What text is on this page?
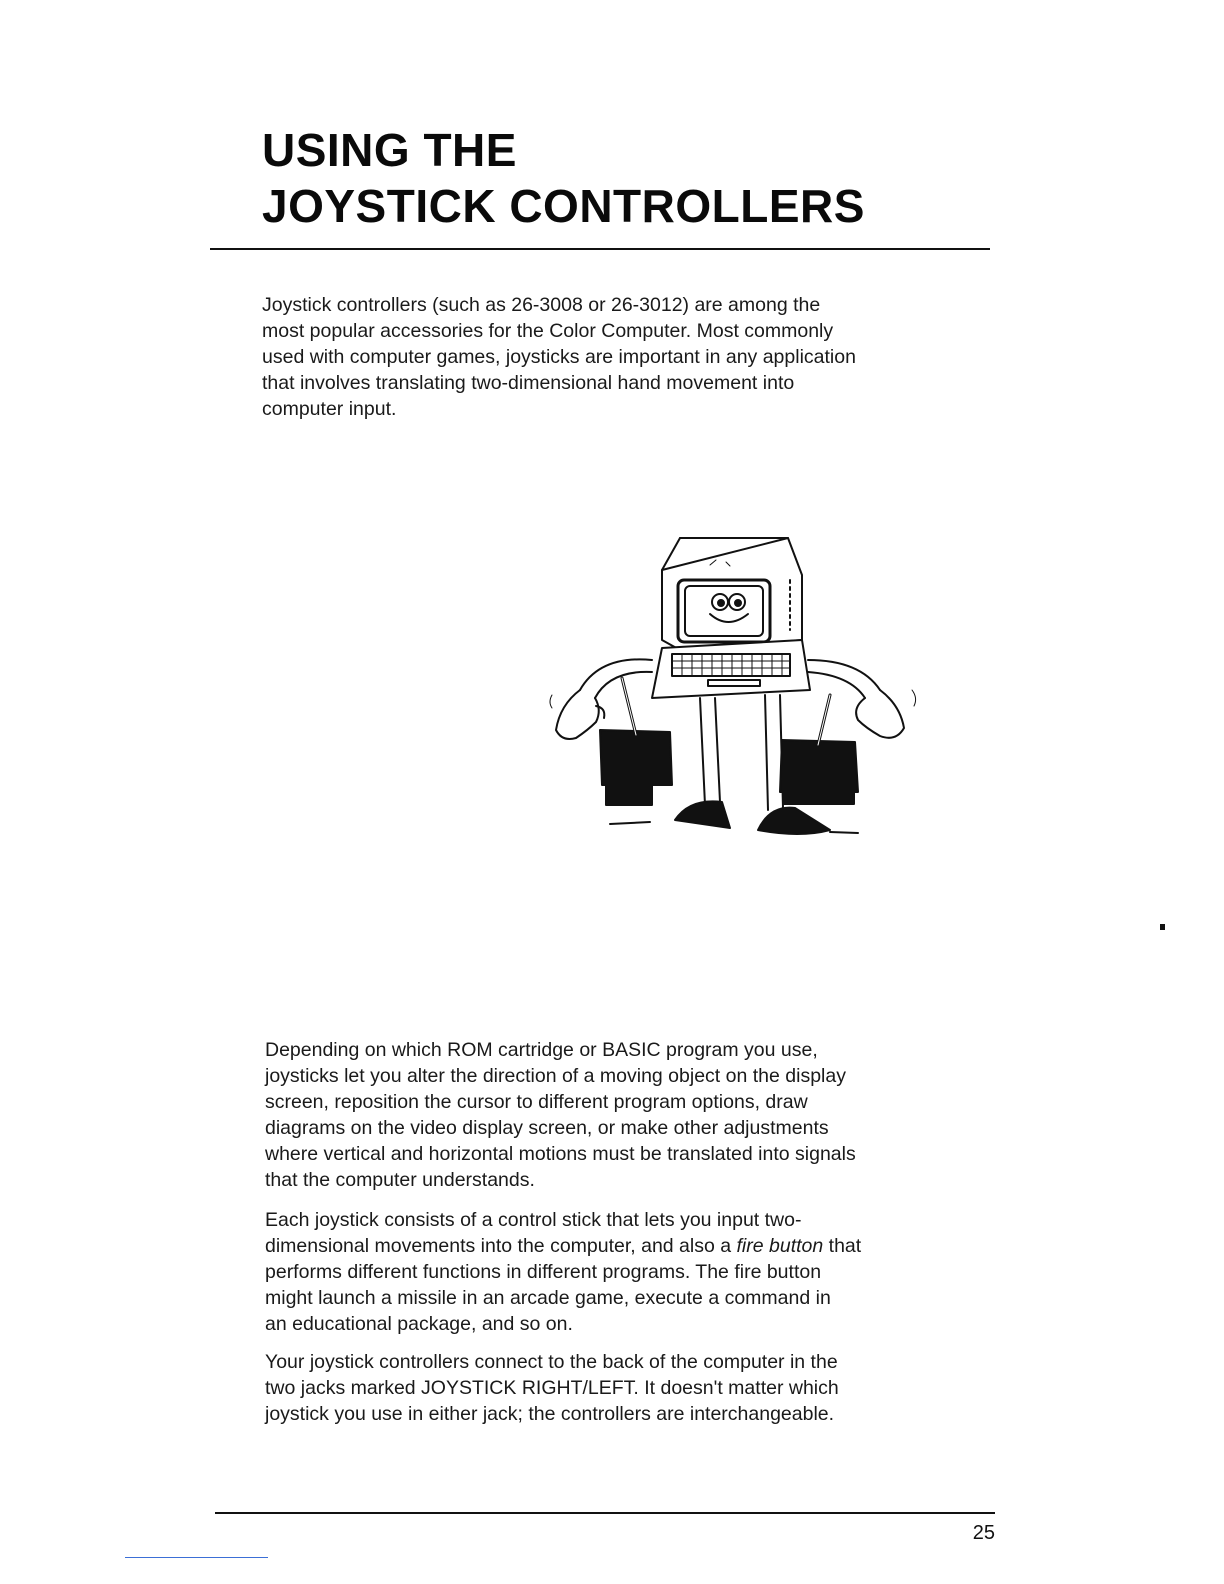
USING THE
JOYSTICK CONTROLLERS

Joystick controllers (such as 26-3008 or 26-3012) are among the
most popular accessories for the Color Computer. Most commonly
used with computer games, joysticks are important in any application
that involves translating two-dimensional hand movement into
computer input.

Depending on which ROM cartridge or BASIC program you use,
joysticks let you alter the direction of a moving object on the display
screen, reposition the cursor to different program options, draw
diagrams on the video display screen, or make other adjustments
where vertical and horizontal motions must be translated into signals
that the computer understands.

Each joystick consists of a control stick that lets you input two-
dimensional movements into the computer, and also a fire button that
performs different functions in different programs. The fire button
might launch a missile in an arcade game, execute a command in
an educational package, and so on.

Your joystick controllers connect to the back of the computer in the
two jacks marked JOYSTICK RIGHT/LEFT. It doesn't matter which
joystick you use in either jack; the controllers are interchangeable.

25
